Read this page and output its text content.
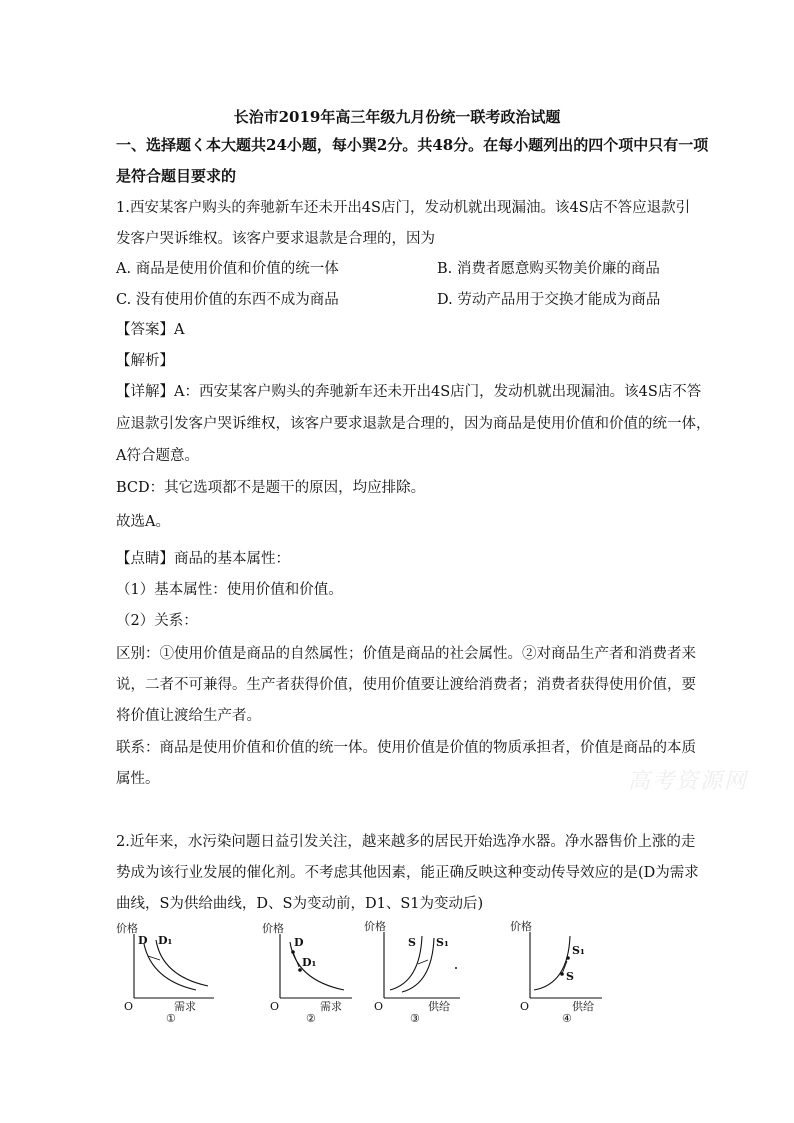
长治市2019年高三年级九月份统一联考政治试题
一、选择题く本大题共24小题，每小巽2分。共48分。在每小题列出的四个项中只有一项
是符合题目要求的
1.西安某客户购头的奔驰新车还未开出4S店门，发动机就出现漏油。该4S店不答应退款引
发客户哭诉维权。该客户要求退款是合理的，因为
A. 商品是使用价值和价值的统一体	B. 消费者愿意购买物美价廉的商品
C. 没有使用价值的东西不成为商品	D. 劳动产品用于交换才能成为商品
【答案】A
【解析】
【详解】A：西安某客户购头的奔驰新车还未开出4S店门，发动机就出现漏油。该4S店不答
应退款引发客户哭诉维权，该客户要求退款是合理的，因为商品是使用价值和价值的统一体，
A符合题意。
BCD：其它选项都不是题干的原因，均应排除。
故选A。
【点睛】商品的基本属性：
（1）基本属性：使用价值和价值。
（2）关系：
区别：①使用价值是商品的自然属性；价值是商品的社会属性。②对商品生产者和消费者来
说，二者不可兼得。生产者获得价值，使用价值要让渡给消费者；消费者获得使用价值，要
将价值让渡给生产者。
联系：商品是使用价值和价值的统一体。使用价值是价值的物质承担者，价值是商品的本质
属性。	高考资源网
2.近年来，水污染问题日益引发关注，越来越多的居民开始选净水器。净水器售价上涨的走
势成为该行业发展的催化剂。不考虑其他因素，能正确反映这种变动传导效应的是(D为需求
曲线，S为供给曲线，D、S为变动前，D1、S1为变动后)
价格
O	需求
①
D D₁
价格
O	需求
②
D
D₁
价格
O	供给
③
S S₁
价格
O	供给
④
S
S₁
